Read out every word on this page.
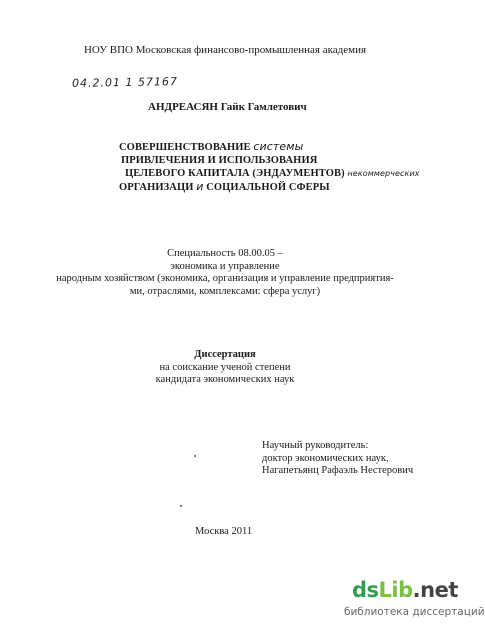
НОУ ВПО Московская финансово-промышленная академия
04.2.01 1 57167
АНДРЕАСЯН Гайк Гамлетович
СОВЕРШЕНСТВОВАНИЕ системы
ПРИВЛЕЧЕНИЯ И ИСПОЛЬЗОВАНИЯ
ЦЕЛЕВОГО КАПИТАЛА (ЭНДАУМЕНТОВ) некоммерческих
ОРГАНИЗАЦИ и СОЦИАЛЬНОЙ СФЕРЫ
Специальность 08.00.05 –
экономика и управление
народным хозяйством (экономика, организация и управление предприятия-
ми, отраслями, комплексами: сфера услуг)
Диссертация
на соискание ученой степени
кандидата экономических наук
Научный руководитель:
доктор экономических наук,
Нагапетьянц Рафаэль Нестерович
Москва 2011
dsLib.net
библиотека диссертаций
